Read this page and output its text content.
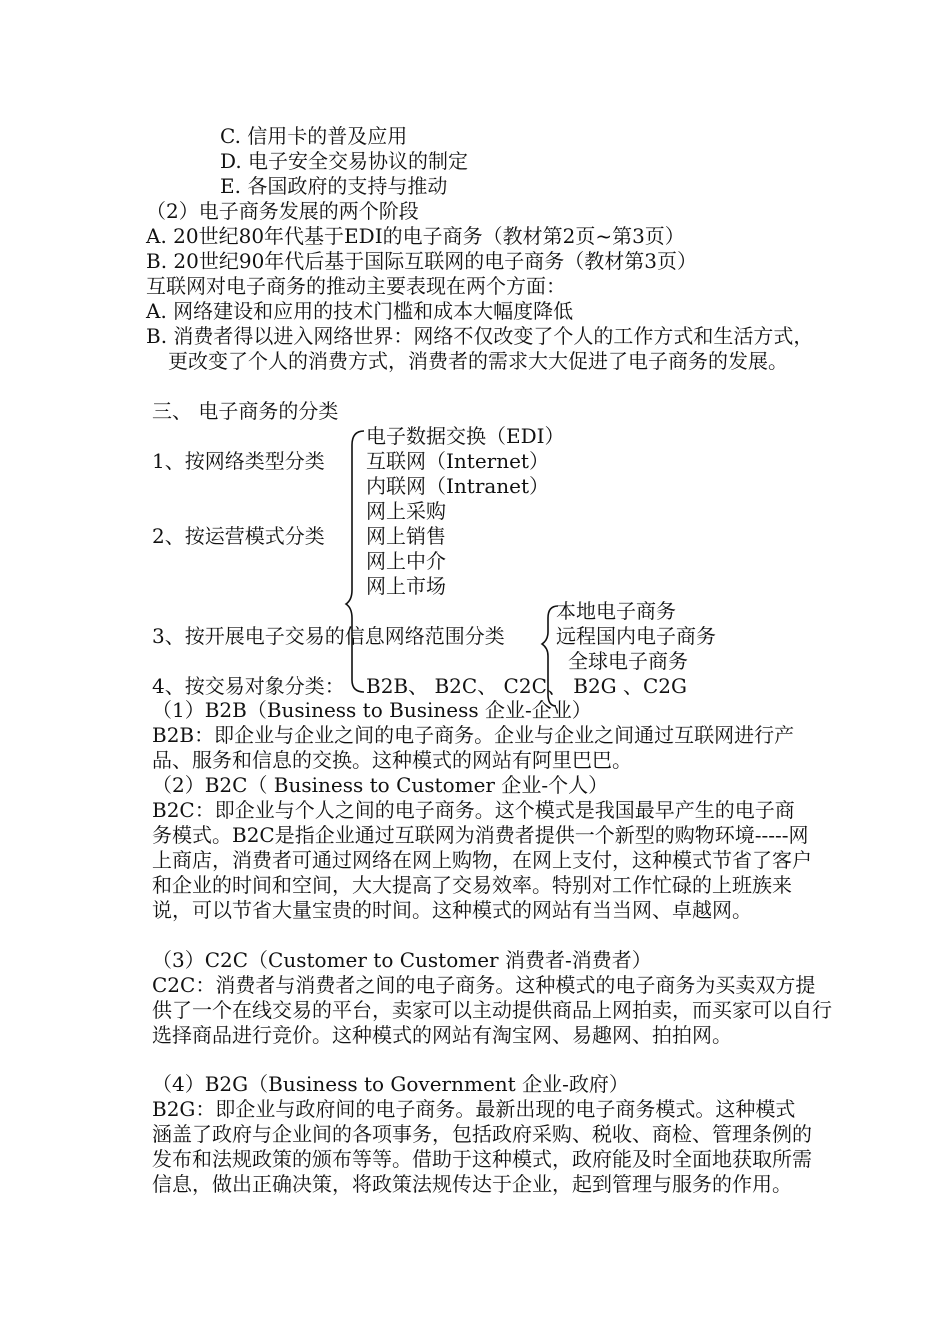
C. 信用卡的普及应用
D. 电子安全交易协议的制定
E. 各国政府的支持与推动
（2）电子商务发展的两个阶段
A. 20世纪80年代基于EDI的电子商务（教材第2页~第3页）
B. 20世纪90年代后基于国际互联网的电子商务（教材第3页）
互联网对电子商务的推动主要表现在两个方面：
A. 网络建设和应用的技术门槛和成本大幅度降低
B. 消费者得以进入网络世界：网络不仅改变了个人的工作方式和生活方式，更改变了个人的消费方式，消费者的需求大大促进了电子商务的发展。
三、 电子商务的分类
1、按网络类型分类
电子数据交换（EDI）
互联网（Internet）
内联网（Intranet）
2、按运营模式分类
网上采购
网上销售
网上中介
网上市场
3、按开展电子交易的信息网络范围分类
本地电子商务
远程国内电子商务
全球电子商务
4、按交易对象分类： B2B、 B2C、 C2C、 B2G 、C2G
（1）B2B（Business to Business 企业-企业）
B2B：即企业与企业之间的电子商务。企业与企业之间通过互联网进行产品、服务和信息的交换。这种模式的网站有阿里巴巴。
（2）B2C（ Business to Customer 企业-个人）
B2C：即企业与个人之间的电子商务。这个模式是我国最早产生的电子商务模式。B2C是指企业通过互联网为消费者提供一个新型的购物环境-----网上商店，消费者可通过网络在网上购物，在网上支付，这种模式节省了客户和企业的时间和空间，大大提高了交易效率。特别对工作忙碌的上班族来说，可以节省大量宝贵的时间。这种模式的网站有当当网、卓越网。
（3）C2C（Customer to Customer 消费者-消费者）
C2C：消费者与消费者之间的电子商务。这种模式的电子商务为买卖双方提供了一个在线交易的平台，卖家可以主动提供商品上网拍卖，而买家可以自行选择商品进行竞价。这种模式的网站有淘宝网、易趣网、拍拍网。
（4）B2G（Business to Government 企业-政府）
B2G：即企业与政府间的电子商务。最新出现的电子商务模式。这种模式涵盖了政府与企业间的各项事务，包括政府采购、税收、商检、管理条例的发布和法规政策的颁布等等。借助于这种模式，政府能及时全面地获取所需信息，做出正确决策，将政策法规传达于企业，起到管理与服务的作用。
